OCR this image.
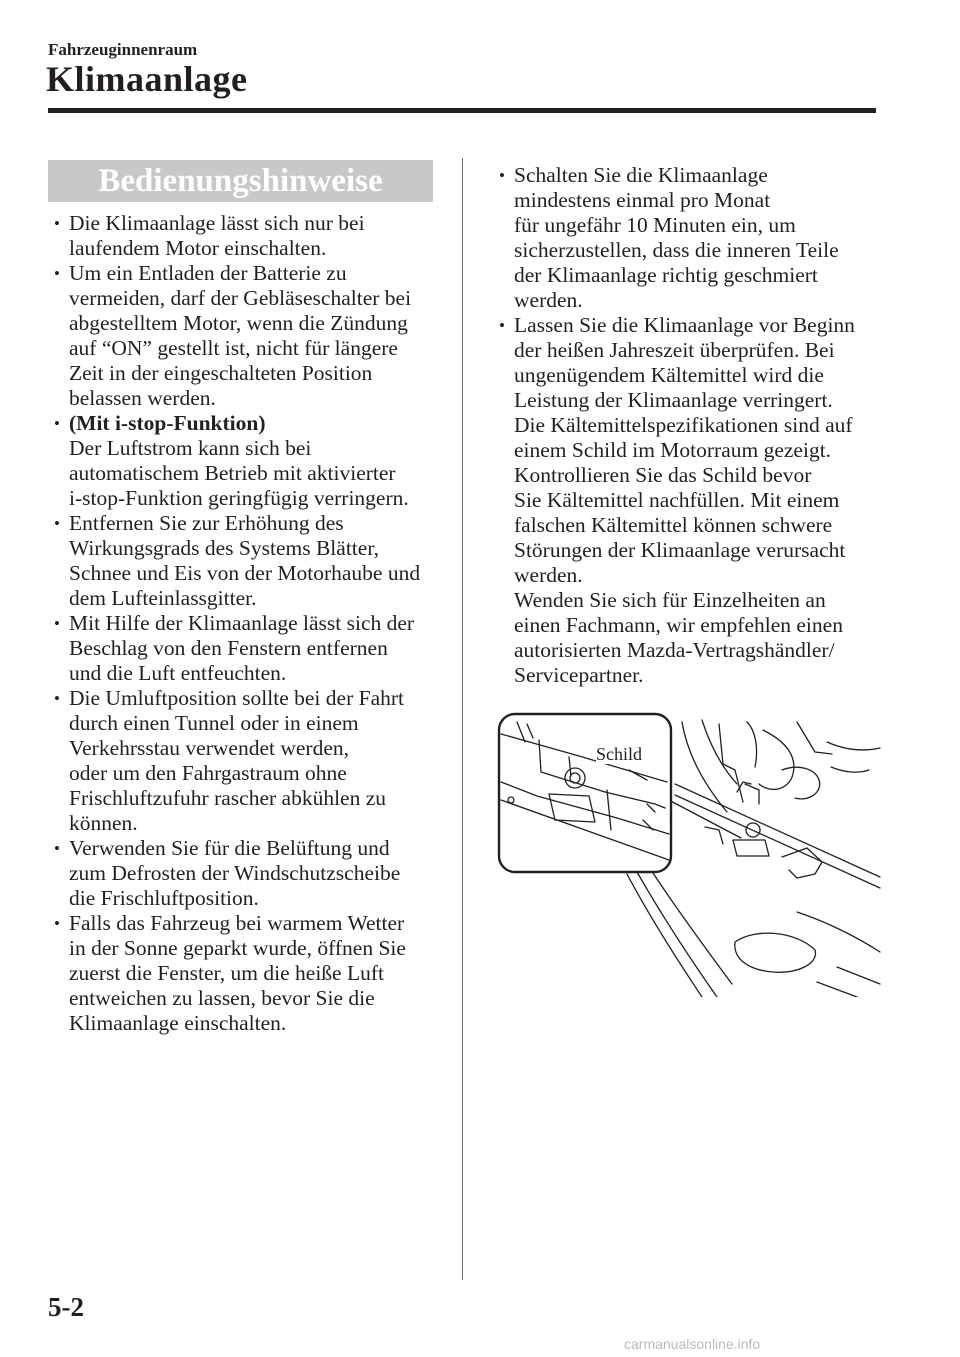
Fahrzeuginnenraum
Klimaanlage
Bedienungshinweise
• Die Klimaanlage lässt sich nur bei
laufendem Motor einschalten.
• Um ein Entladen der Batterie zu
vermeiden, darf der Gebläseschalter bei
abgestelltem Motor, wenn die Zündung
auf “ON” gestellt ist, nicht für längere
Zeit in der eingeschalteten Position
belassen werden.
• (Mit i-stop-Funktion)
Der Luftstrom kann sich bei
automatischem Betrieb mit aktivierter
i-stop-Funktion geringfügig verringern.
• Entfernen Sie zur Erhöhung des
Wirkungsgrads des Systems Blätter,
Schnee und Eis von der Motorhaube und
dem Lufteinlassgitter.
• Mit Hilfe der Klimaanlage lässt sich der
Beschlag von den Fenstern entfernen
und die Luft entfeuchten.
• Die Umluftposition sollte bei der Fahrt
durch einen Tunnel oder in einem
Verkehrsstau verwendet werden,
oder um den Fahrgastraum ohne
Frischluftzufuhr rascher abkühlen zu
können.
• Verwenden Sie für die Belüftung und
zum Defrosten der Windschutzscheibe
die Frischluftposition.
• Falls das Fahrzeug bei warmem Wetter
in der Sonne geparkt wurde, öffnen Sie
zuerst die Fenster, um die heiße Luft
entweichen zu lassen, bevor Sie die
Klimaanlage einschalten.
• Schalten Sie die Klimaanlage
mindestens einmal pro Monat
für ungefähr 10 Minuten ein, um
sicherzustellen, dass die inneren Teile
der Klimaanlage richtig geschmiert
werden.
• Lassen Sie die Klimaanlage vor Beginn
der heißen Jahreszeit überprüfen. Bei
ungenügendem Kältemittel wird die
Leistung der Klimaanlage verringert.
Die Kältemittelspezifikationen sind auf
einem Schild im Motorraum gezeigt.
Kontrollieren Sie das Schild bevor
Sie Kältemittel nachfüllen. Mit einem
falschen Kältemittel können schwere
Störungen der Klimaanlage verursacht
werden.
Wenden Sie sich für Einzelheiten an
einen Fachmann, wir empfehlen einen
autorisierten Mazda-Vertragshändler/
Servicepartner.
Schild
5-2
carmanualsonline.info
